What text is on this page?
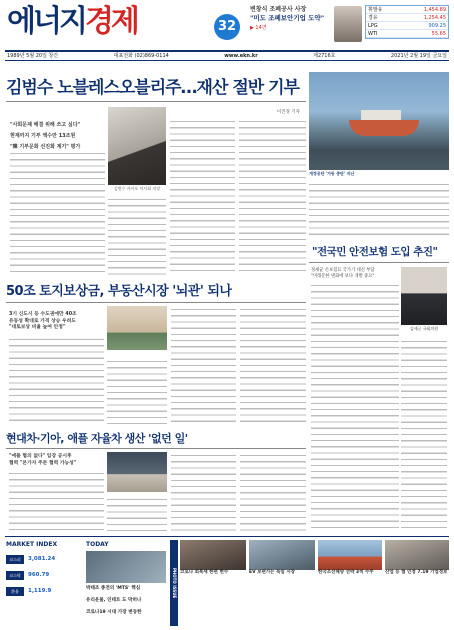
에너지경제	32
변창식 조폐공사 사장
"미도 조폐보안기업 도약"
▶ 14면
휘발유	1,454.89
경유	1,254.45
LPG	909.25
WTI	55.65
1989년 5월 20일 창간	대표전화 (02)869-0114	www.ekn.kr	제2716호	2021년 2월 19일 금요일
김범수 노블레스오블리주…재산 절반 기부
"사회문제 해결 위해 쓰고 싶다"
현재까지 기부 액수만 13조원
"韓 기부문화 선진화 계기" 평가
김범수 카카오 이사회 의장
이진경 기자
개정공단 '가동 중단' 지난
"전국민 안전보험 도입 추진"
정세균 손보험료 국가가 대신 부담
"미래문한 변화에 보다 개발 중요"
김세군 국회의원
50조 토지보상금, 부동산시장 '뇌관' 되나
3기 신도시 등 수도권에만 40조
유동성 확대로 가격 상승 우려도
"대토보상 비율 높여 안정"
현대차·기아, 애플 자율차 생산 '없던 일'
"애플 협의 없다" 입장 공시후
협력 "본가자 주문 협력 가능성"
MARKET INDEX
코스피	3,081.24
코스닥	960.79
환율	1,119.9
TODAY
박태조 종전의 'MTS' 핵심
유리운물, 인테트 도 막히나
코로나19 시대 가장 변동한
PHOTO ISSUE 코로나 회복세 한편 변수	EV 보편가는 독일 시장	한국조선해양 선박 3척 수주	산업 등 협 인정 7.19 기업정보
